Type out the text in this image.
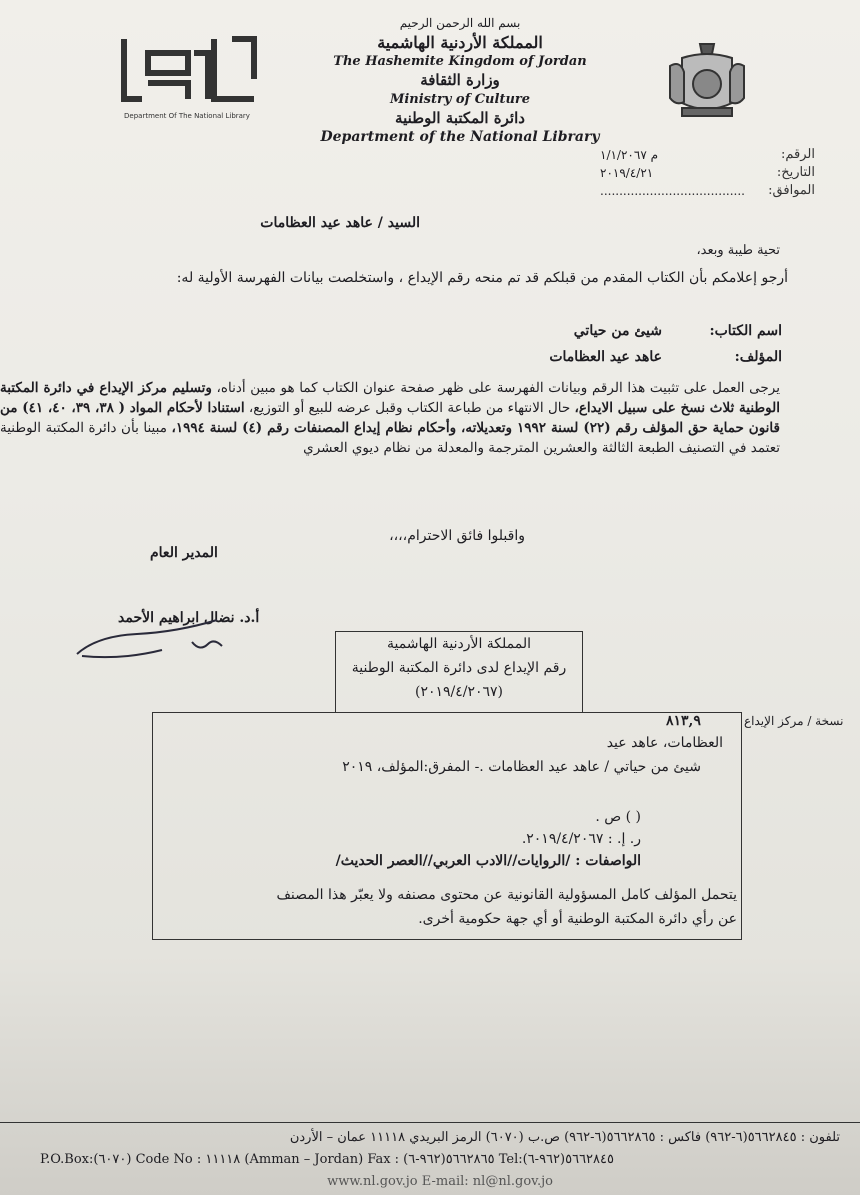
Department Of The National Library
بسم الله الرحمن الرحيم
المملكة الأردنية الهاشمية
The Hashemite Kingdom of Jordan
وزارة الثقافة
Ministry of Culture
دائرة المكتبة الوطنية
Department of the National Library
الرقم:
م ١/١/٢٠٦٧
التاريخ:
٢٠١٩/٤/٢١
الموافق:
......................................
السيد / عاهد عيد العظامات
تحية طيبة وبعد،
أرجو إعلامكم بأن الكتاب المقدم من قبلكم قد تم منحه رقم الإيداع ، واستخلصت بيانات الفهرسة الأولية له:
اسم الكتاب:
شيئ من حياتي
المؤلف:
عاهد عيد العظامات
يرجى العمل على تثبيت هذا الرقم وبيانات الفهرسة على ظهر صفحة عنوان الكتاب كما هو مبين أدناه، وتسليم مركز الإيداع في دائرة المكتبة الوطنية ثلاث نسخ على سبيل الايداع، حال الانتهاء من طباعة الكتاب وقبل عرضه للبيع أو التوزيع، استنادا لأحكام المواد ( ٣٨، ٣٩، ٤٠، ٤١) من قانون حماية حق المؤلف رقم (٢٢) لسنة ١٩٩٢ وتعديلاته، وأحكام نظام إيداع المصنفات رقم (٤) لسنة ١٩٩٤، مبينا بأن دائرة المكتبة الوطنية تعتمد في التصنيف الطبعة الثالثة والعشرين المترجمة والمعدلة من نظام ديوي العشري
واقبلوا فائق الاحترام،،،،
المدير العام
أ.د. نضال ابراهيم الأحمد
المملكة الأردنية الهاشمية
رقم الإيداع لدى دائرة المكتبة الوطنية
(٢٠١٩/٤/٢٠٦٧)
نسخة / مركز الإيداع
٨١٣,٩
العظامات، عاهد عيد
شيئ من حياتي / عاهد عيد العظامات .- المفرق:المؤلف، ٢٠١٩
( ) ص .
ر. إ. : ٢٠١٩/٤/٢٠٦٧.
الواصفات : /الروايات//الادب العربي//العصر الحديث/
يتحمل المؤلف كامل المسؤولية القانونية عن محتوى مصنفه ولا يعبّر هذا المصنف
عن رأي دائرة المكتبة الوطنية أو أي جهة حكومية أخرى.
تلفون : ٥٦٦٢٨٤٥(٦-٩٦٢) فاكس : ٥٦٦٢٨٦٥(٦-٩٦٢) ص.ب (٦٠٧٠) الرمز البريدي ١١١١٨ عمان – الأردن
P.O.Box:(٦٠٧٠) Code No : ١١١١٨ (Amman – Jordan) Fax : (٩٦٢-٦)٥٦٦٢٨٦٥ Tel:(٩٦٢-٦)٥٦٦٢٨٤٥
www.nl.gov.jo E-mail: nl@nl.gov.jo
